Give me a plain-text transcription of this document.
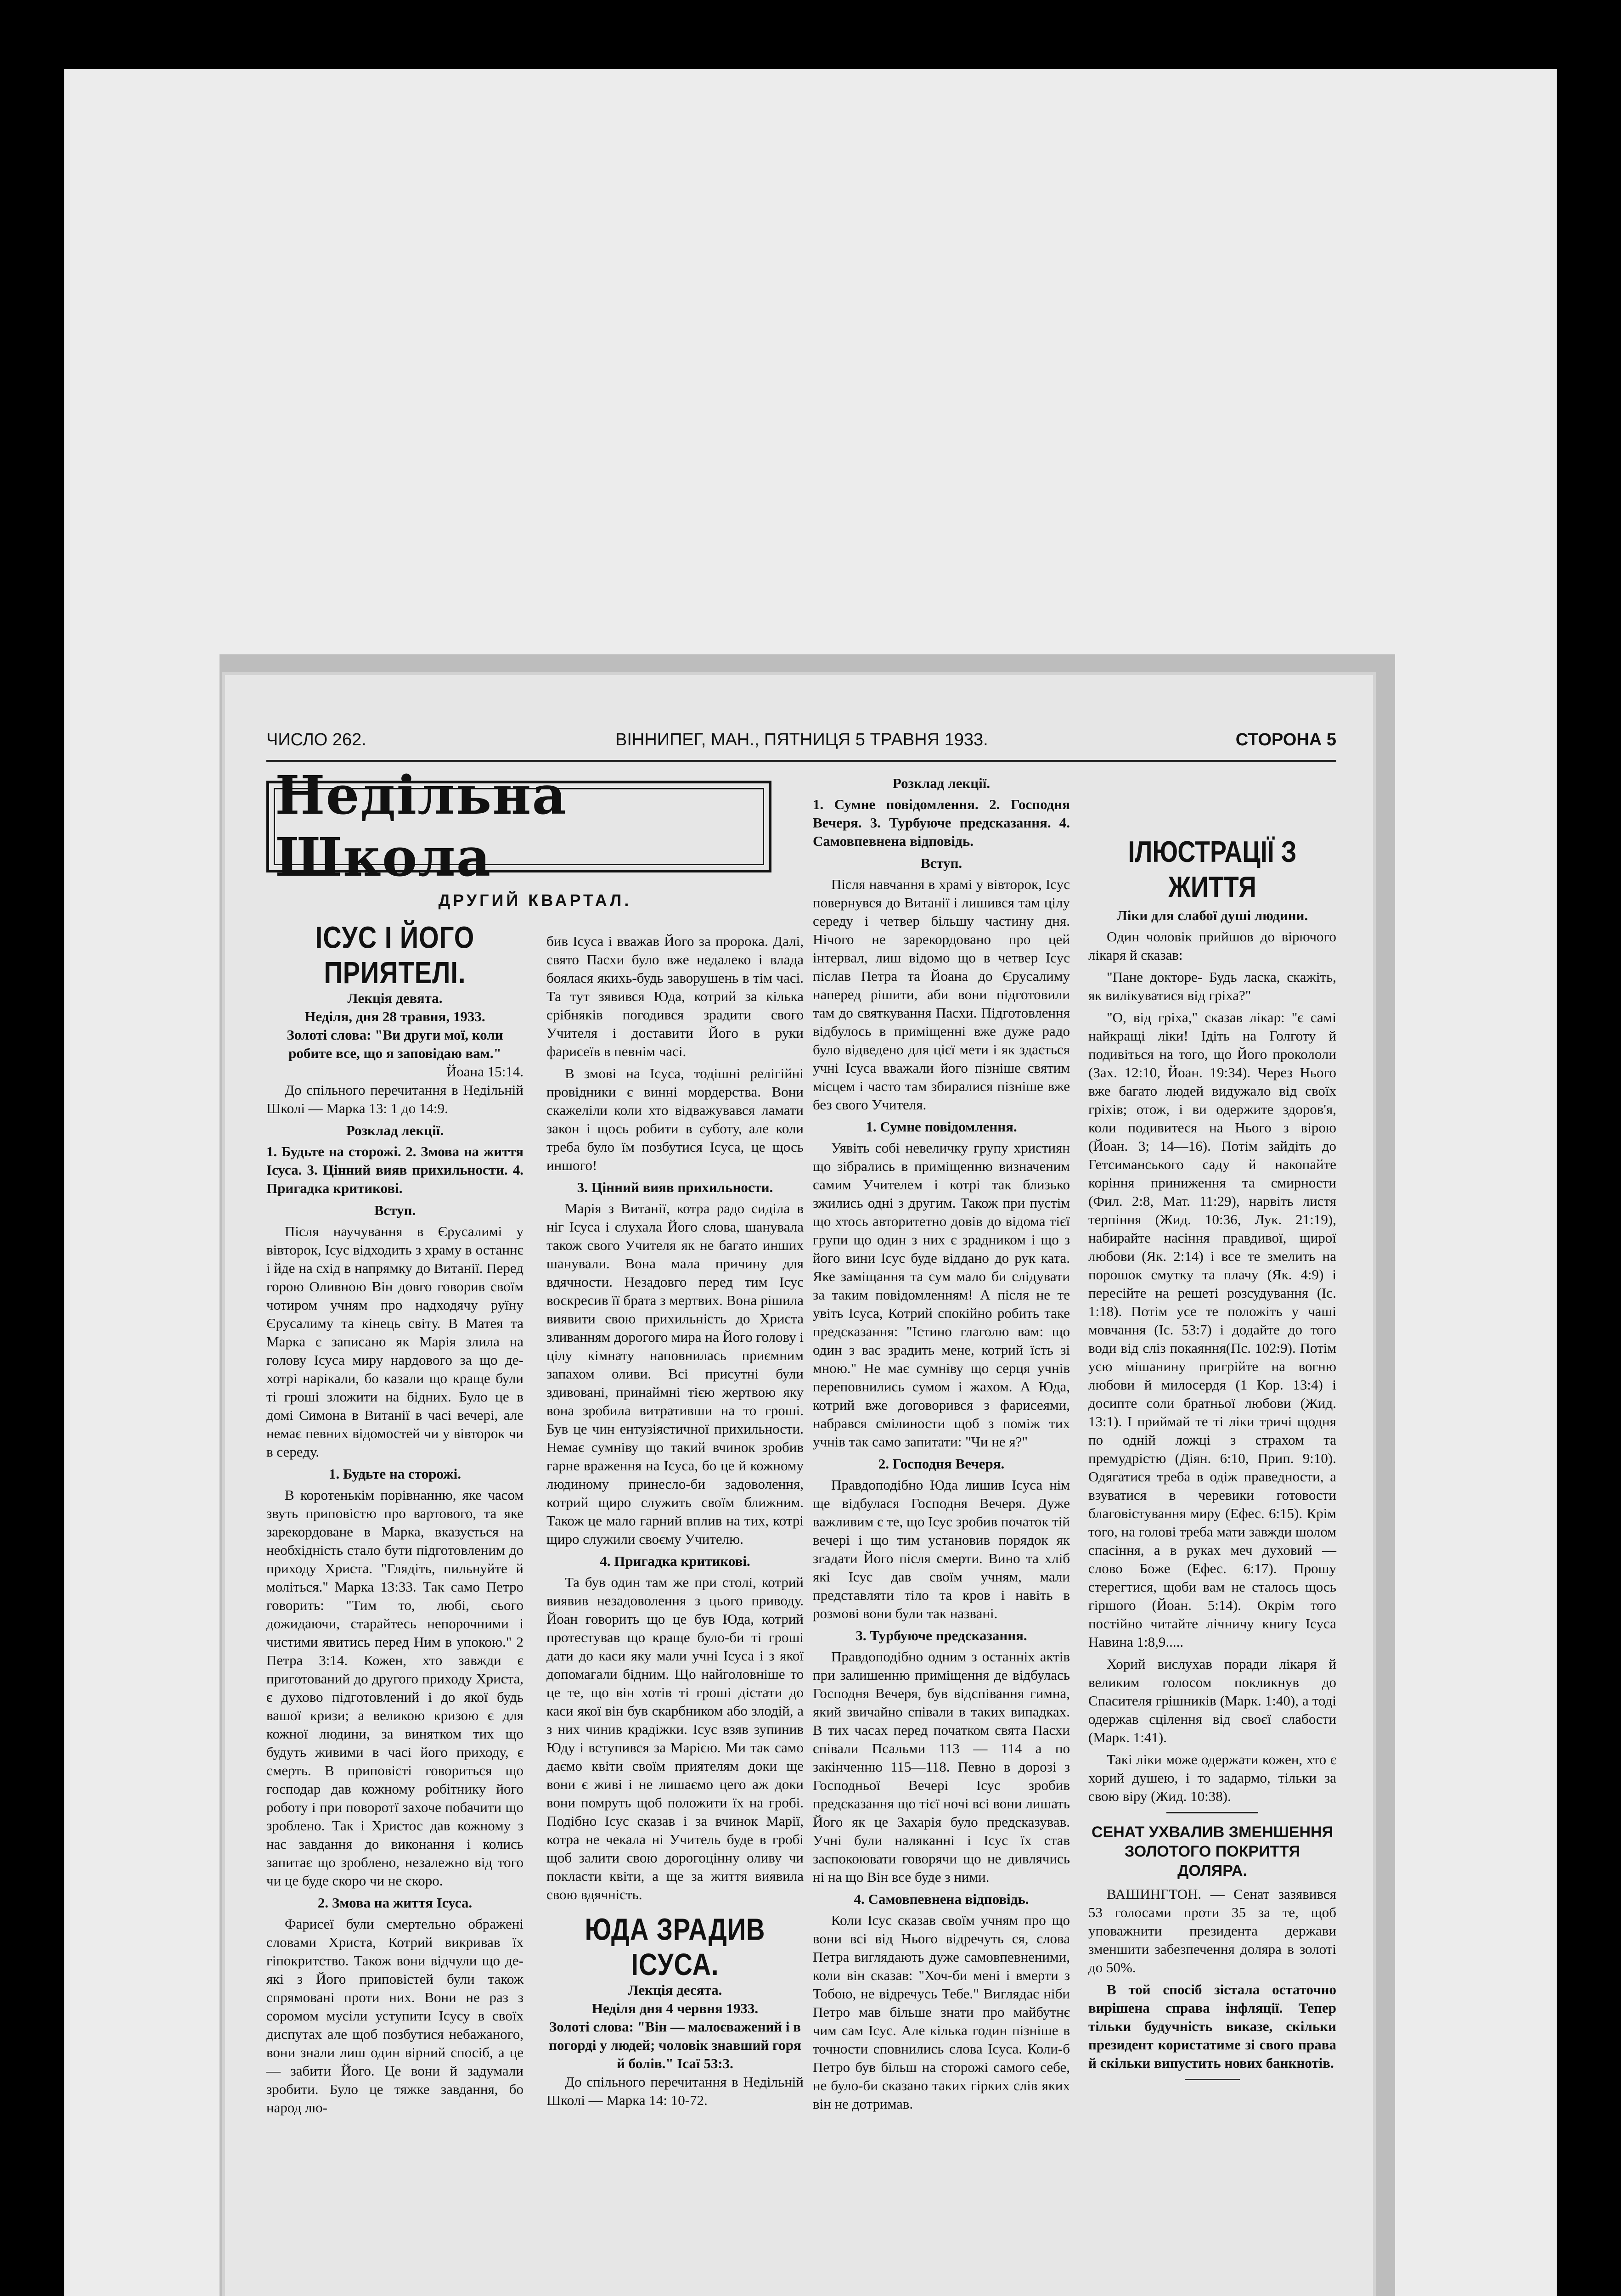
ЧИСЛО 262.	ВІННИПЕГ, МАН., ПЯТНИЦЯ 5 ТРАВНЯ 1933.	СТОРОНА 5
Недільна Школа
ДРУГИЙ КВАРТАЛ.
ІСУС І ЙОГО ПРИЯТЕЛІ.
Лекція девята.
Неділя, дня 28 травня, 1933.
Золоті слова: "Ви други мої, коли робите все, що я заповідаю вам."
Йоана 15:14.

До спільного перечитання в Недільній Школі — Марка 13: 1 до 14:9.

Розклад лекції.
1. Будьте на сторожі. 2. Змова на життя Ісуса. 3. Цінний вияв прихильности. 4. Пригадка критикові.
Вступ.

Після научування в Єрусалимі у вівторок, Ісус відходить з храму в останнє і йде на схід в напрямку до Витанії. Перед горою Оливною Він довго говорив своїм чотиром учням про надходячу руїну Єрусалиму та кінець світу. В Матея та Марка є записано як Марія злила на голову Ісуса миру нардового за що де-хотрі нарікали, бо казали що краще були ті гроші зложити на бідних. Було це в домі Симона в Витанії в часі вечері, але немає певних відомостей чи у вівторок чи в середу.

1. Будьте на сторожі.

В коротенькім порівнанню, яке часом звуть приповістю про вартового, та яке зарекордоване в Марка, вказується на необхідність стало бути підготовленим до приходу Христа. "Глядіть, пильнуйте й моліться." Марка 13:33. Так само Петро говорить: "Тим то, любі, сього дожидаючи, старайтесь непорочними і чистими явитись перед Ним в упокою." 2 Петра 3:14. Кожен, хто завжди є приготований до другого приходу Христа, є духово підготовлений і до якої будь вашої кризи; а великою кризою є для кожної людини, за винятком тих що будуть живими в часі його приходу, є смерть. В приповісті говориться що господар дав кожному робітнику його роботу і при поворотї захоче побачити що зроблено. Так і Христос дав кожному з нас завдання до виконання і колись запитає що зроблено, незалежно від того чи це буде скоро чи не скоро.

2. Змова на життя Ісуса.

Фарисеї були смертельно ображені словами Христа, Котрий викривав їх гіпокритство. Також вони відчули що де-які з Його приповістей були також спрямовані проти них. Вони не раз з соромом мусіли уступити Ісусу в своїх диспутах але щоб позбутися небажаного, вони знали лиш один вірний спосіб, а це — забити Його. Це вони й задумали зробити. Було це тяжке завдання, бо народ лю-

бив Ісуса і вважав Його за пророка. Далі, свято Пасхи було вже недалеко і влада боялася якихь-будь заворушень в тім часі. Та тут зявився Юда, котрий за кілька срібняків погодився зрадити свого Учителя і доставити Його в руки фарисеїв в певнім часі.

В змові на Ісуса, тодішні релігійні провідники є винні мордерства. Вони скажеліли коли хто відважувався ламати закон і щось робити в суботу, але коли треба було їм позбутися Ісуса, це щось иншого!

3. Цінний вияв прихильности.

Марія з Витанії, котра радо сиділа в ніг Ісуса і слухала Його слова, шанувала також свого Учителя як не багато инших шанували. Вона мала причину для вдячности. Незадовго перед тим Ісус воскресив її брата з мертвих. Вона рішила виявити свою прихильність до Христа зливанням дорогого мира на Його голову і цілу кімнату наповнилась приємним запахом оливи. Всі присутні були здивовані, принаймні тією жертвою яку вона зробила витративши на то гроші. Був це чин ентузіястичної прихильности. Немає сумніву що такий вчинок зробив гарне враження на Ісуса, бо це й кожному людиному принесло-би задоволення, котрий щиро служить своїм ближним. Також це мало гарний вплив на тих, котрі щиро служили своєму Учителю.

4. Пригадка критикові.

Та був один там же при столі, котрий виявив незадоволення з цього приводу. Йоан говорить що це був Юда, котрий протестував що краще було-би ті гроші дати до каси яку мали учні Ісуса і з якої допомагали бідним. Що найголовніше то це те, що він хотів ті гроші дістати до каси якої він був скарбником або злодій, а з них чинив крадіжки. Ісус взяв зупинив Юду і вступився за Марією. Ми так само даємо квіти своїм приятелям доки ще вони є живі і не лишаємо цего аж доки вони помруть щоб положити їх на гробі. Подібно Ісус сказав і за вчинок Марії, котра не чекала ні Учитель буде в гробі щоб залити свою дорогоцінну оливу чи покласти квіти, а ще за життя виявила свою вдячність.

ЮДА ЗРАДИВ ІСУСА.
Лекція десята.
Неділя дня 4 червня 1933.
Золоті слова: "Він — малоєважений і в погорді у людей; чоловік знавший горя й болів." Ісаї 53:3.

До спільного перечитання в Недільній Школі — Марка 14: 10-72.

Розклад лекції.
1. Сумне повідомлення. 2. Господня Вечеря. 3. Турбуюче предсказання. 4. Самовпевнена відповідь.
Вступ.

Після навчання в храмі у вівторок, Ісус повернувся до Витанії і лишився там цілу середу і четвер більшу частину дня. Нічого не зарекордовано про цей інтервал, лиш відомо що в четвер Ісус післав Петра та Йоана до Єрусалиму наперед рішити, аби вони підготовили там до святкування Пасхи. Підготовлення відбулось в приміщенні вже дуже радо було відведено для цієї мети і як здається учні Ісуса вважали його пізніше святим місцем і часто там збиралися пізніше вже без свого Учителя.

1. Сумне повідомлення.

Уявіть собі невеличку групу християн що зібрались в приміщенню визначеним самим Учителем і котрі так близько зжились одні з другим. Також при пустім що хтось авторитетно довів до відома тієї групи що один з них є зрадником і що з його вини Ісус буде віддано до рук ката. Яке заміщання та сум мало би слідувати за таким повідомленням! А після не те увіть Ісуса, Котрий спокійно робить таке предсказання: "Істино глаголю вам: що один з вас зрадить мене, котрий їсть зі мною." Не має сумніву що серця учнів переповнились сумом і жахом. А Юда, котрий вже договорився з фарисеями, набрався смілиности щоб з поміж тих учнів так само запитати: "Чи не я?"

2. Господня Вечеря.

Правдоподібно Юда лишив Ісуса нім ще відбулася Господня Вечеря. Дуже важливим є те, що Ісус зробив початок тій вечері і що тим установив порядок як згадати Його після смерти. Вино та хліб які Ісус дав своїм учням, мали представляти тіло та кров і навіть в розмові вони були так названі.

3. Турбуюче предсказання.

Правдоподібно одним з останніх актів при залишенню приміщення де відбулась Господня Вечеря, був відспівання гимна, який звичайно співали в таких випадках. В тих часах перед початком свята Пасхи співали Псальми 113 — 114 а по закінченню 115—118. Певно в дорозі з Господньої Вечері Ісус зробив предсказання що тієї ночі всі вони лишать Його як це Захарія було предсказував. Учні були наляканні і Ісус їх став заспокоювати говорячи що не дивлячись ні на що Він все буде з ними.

4. Самовпевнена відповідь.

Коли Ісус сказав своїм учням про що вони всі від Нього відречуть ся, слова Петра виглядають дуже самовпевненими, коли він сказав: "Хоч-би мені і вмерти з Тобою, не відречусь Тебе." Виглядає ніби Петро мав більше знати про майбутнє чим сам Ісус. Але кілька годин пізніше в точности сповнились слова Ісуса. Коли-б Петро був більш на сторожі самого себе, не було-би сказано таких гірких слів яких він не дотримав.

ІЛЮСТРАЦІЇ З ЖИТТЯ
Ліки для слабої душі людини.

Один чоловік прийшов до вірючого лікаря й сказав:

"Пане докторе- Будь ласка, скажіть, як вилікуватися від гріха?"

"О, від гріха," сказав лікар: "є самі найкращі ліки! Ідіть на Голготу й подивіться на того, що Його прокололи (Зах. 12:10, Йоан. 19:34). Через Нього вже багато людей видужало від своїх гріхів; отож, і ви одержите здоров'я, коли подивитеся на Нього з вірою (Йоан. 3; 14—16). Потім зайдіть до Гетсиманського саду й накопайте коріння приниження та смирности (Фил. 2:8, Мат. 11:29), нарвіть листя терпіння (Жид. 10:36, Лук. 21:19), набирайте насіння правдивої, щирої любови (Як. 2:14) і все те змелить на порошок смутку та плачу (Як. 4:9) і пересійте на решеті розсудування (Іс. 1:18). Потім усе те положіть у чаші мовчання (Іс. 53:7) і додайте до того води від сліз покаяння(Пс. 102:9). Потім усю мішанину пригрійте на вогню любови й милосердя (1 Кор. 13:4) і досипте соли братньої любови (Жид. 13:1). І приймай те ті ліки тричі щодня по одній ложці з страхом та премудрістю (Діян. 6:10, Прип. 9:10). Одягатися треба в одіж праведности, а взуватися в черевики готовости благовістування миру (Ефес. 6:15). Крім того, на голові треба мати завжди шолом спасіння, а в руках меч духовий — слово Боже (Ефес. 6:17). Прошу стерегтися, щоби вам не сталось щось гіршого (Йоан. 5:14). Окрім того постійно читайте лічничу книгу Ісуса Навина 1:8,9.....

Хорий вислухав поради лікаря й великим голосом покликнув до Спасителя грішників (Марк. 1:40), а тоді одержав сцілення від своєї слабости (Марк. 1:41).

Такі ліки може одержати кожен, хто є хорий душею, і то задармо, тільки за свою віру (Жид. 10:38).

СЕНАТ УХВАЛИВ ЗМЕНШЕННЯ ЗОЛОТОГО ПОКРИТТЯ ДОЛЯРА.

ВАШИНГТОН. — Сенат зазявився 53 голосами проти 35 за те, щоб уповажнити президента держави зменшити забезпечення доляра в золоті до 50%.

В той спосіб зістала остаточно вирішена справа інфляції. Тепер тільки будучність виказе, скільки президент користатиме зі свого права й скільки випустить нових банкнотів.
